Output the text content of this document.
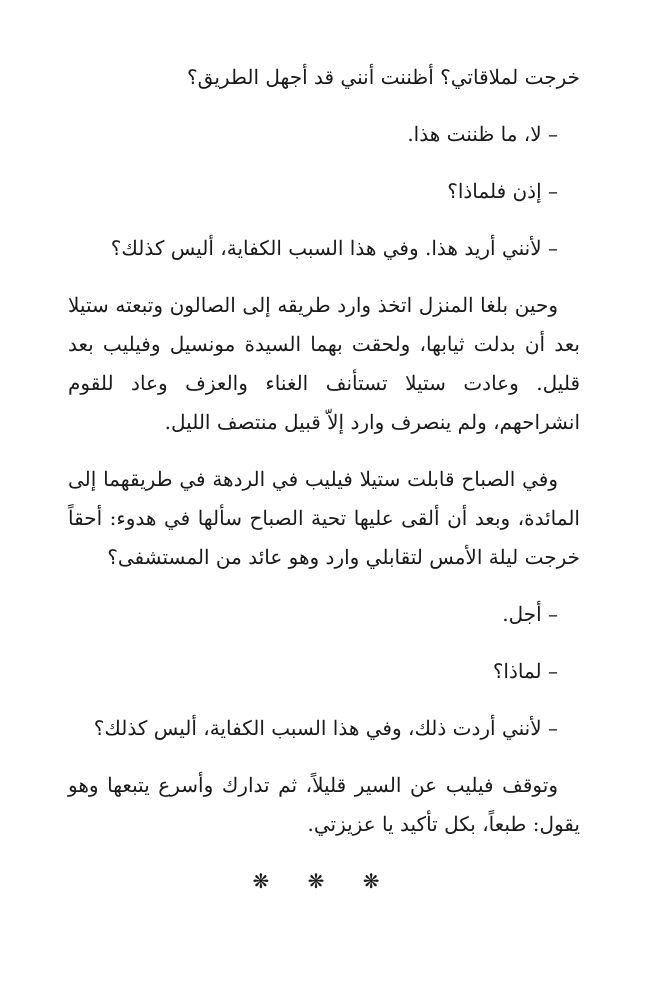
خرجت لملاقاتي؟ أظننت أنني قد أجهل الطريق؟

– لا، ما ظننت هذا.

– إذن فلماذا؟

– لأنني أريد هذا. وفي هذا السبب الكفاية، أليس كذلك؟

وحين بلغا المنزل اتخذ وارد طريقه إلى الصالون وتبعته ستيلا بعد أن بدلت ثيابها، ولحقت بهما السيدة مونسيل وفيليب بعد قليل. وعادت ستيلا تستأنف الغناء والعزف وعاد للقوم انشراحهم، ولم ينصرف وارد إلاّ قبيل منتصف الليل.

وفي الصباح قابلت ستيلا فيليب في الردهة في طريقهما إلى المائدة، وبعد أن ألقى عليها تحية الصباح سألها في هدوء: أحقاً خرجت ليلة الأمس لتقابلي وارد وهو عائد من المستشفى؟

– أجل.

– لماذا؟

– لأنني أردت ذلك، وفي هذا السبب الكفاية، أليس كذلك؟

وتوقف فيليب عن السير قليلاً، ثم تدارك وأسرع يتبعها وهو يقول: طبعاً، بكل تأكيد يا عزيزتي.

❋ ❋ ❋
